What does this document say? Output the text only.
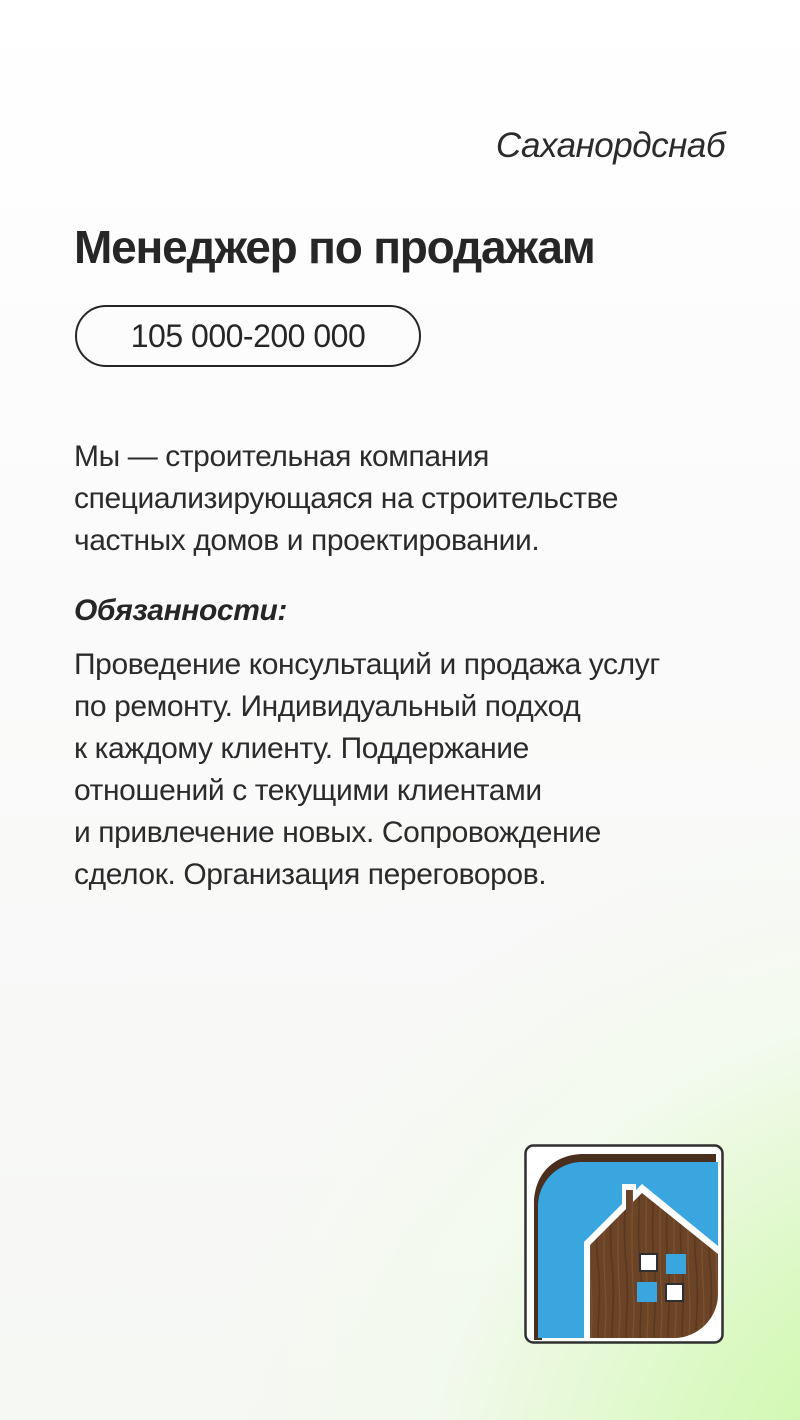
Саханордснаб
Менеджер по продажам
105 000-200 000

Мы — строительная компания
специализирующаяся на строительстве
частных домов и проектировании.

Обязанности:

Проведение консультаций и продажа услуг
по ремонту. Индивидуальный подход
к каждому клиенту. Поддержание
отношений с текущими клиентами
и привлечение новых. Сопровождение
сделок. Организация переговоров.
